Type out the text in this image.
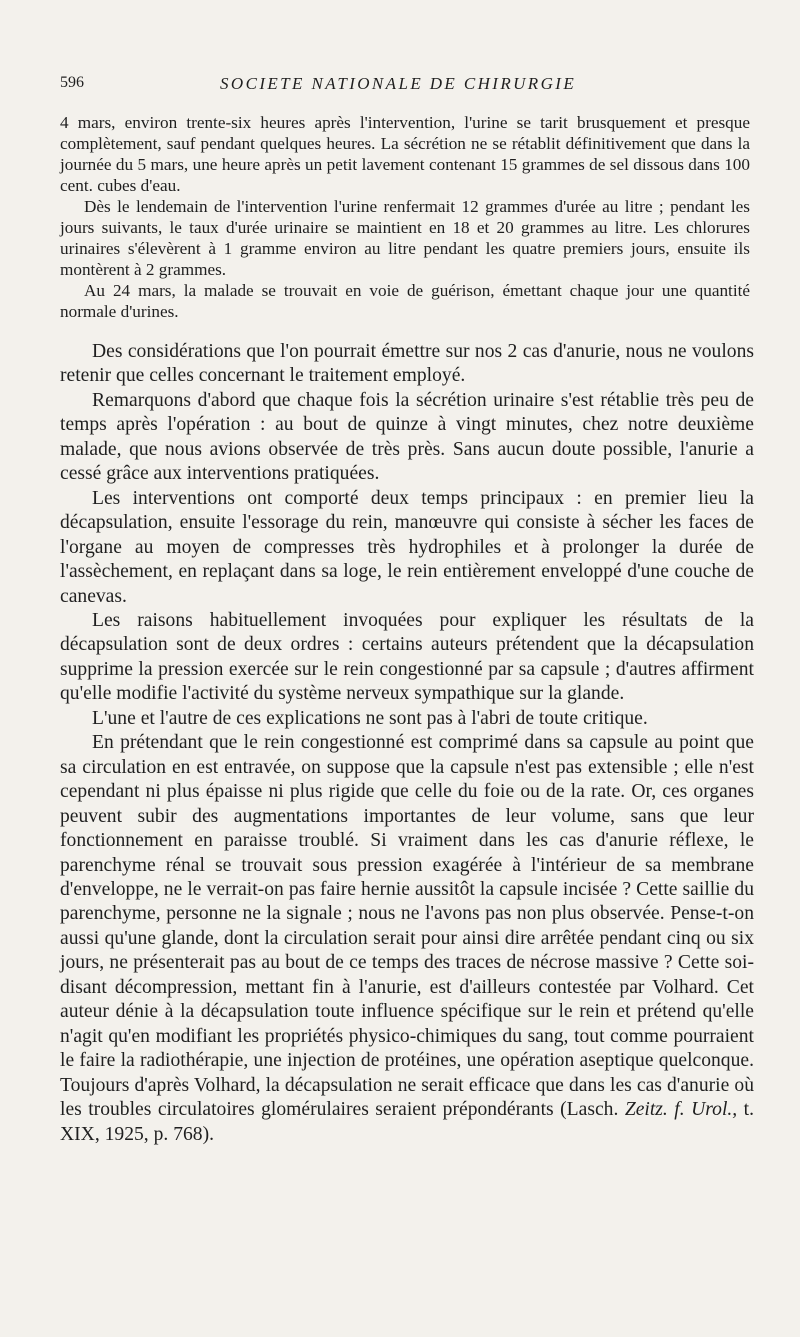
596	SOCIETE NATIONALE DE CHIRURGIE

4 mars, environ trente-six heures après l'intervention, l'urine se tarit brusquement et presque complètement, sauf pendant quelques heures. La sécrétion ne se rétablit définitivement que dans la journée du 5 mars, une heure après un petit lavement contenant 15 grammes de sel dissous dans 100 cent. cubes d'eau.

Dès le lendemain de l'intervention l'urine renfermait 12 grammes d'urée au litre ; pendant les jours suivants, le taux d'urée urinaire se maintient en 18 et 20 grammes au litre. Les chlorures urinaires s'élevèrent à 1 gramme environ au litre pendant les quatre premiers jours, ensuite ils montèrent à 2 grammes.

Au 24 mars, la malade se trouvait en voie de guérison, émettant chaque jour une quantité normale d'urines.

Des considérations que l'on pourrait émettre sur nos 2 cas d'anurie, nous ne voulons retenir que celles concernant le traitement employé.

Remarquons d'abord que chaque fois la sécrétion urinaire s'est rétablie très peu de temps après l'opération : au bout de quinze à vingt minutes, chez notre deuxième malade, que nous avions observée de très près. Sans aucun doute possible, l'anurie a cessé grâce aux interventions pratiquées.

Les interventions ont comporté deux temps principaux : en premier lieu la décapsulation, ensuite l'essorage du rein, manœuvre qui consiste à sécher les faces de l'organe au moyen de compresses très hydrophiles et à prolonger la durée de l'assèchement, en replaçant dans sa loge, le rein entièrement enveloppé d'une couche de canevas.

Les raisons habituellement invoquées pour expliquer les résultats de la décapsulation sont de deux ordres : certains auteurs prétendent que la décapsulation supprime la pression exercée sur le rein congestionné par sa capsule ; d'autres affirment qu'elle modifie l'activité du système nerveux sympathique sur la glande.

L'une et l'autre de ces explications ne sont pas à l'abri de toute critique.

En prétendant que le rein congestionné est comprimé dans sa capsule au point que sa circulation en est entravée, on suppose que la capsule n'est pas extensible ; elle n'est cependant ni plus épaisse ni plus rigide que celle du foie ou de la rate. Or, ces organes peuvent subir des augmentations importantes de leur volume, sans que leur fonctionnement en paraisse troublé. Si vraiment dans les cas d'anurie réflexe, le parenchyme rénal se trouvait sous pression exagérée à l'intérieur de sa membrane d'enveloppe, ne le verrait-on pas faire hernie aussitôt la capsule incisée ? Cette saillie du parenchyme, personne ne la signale ; nous ne l'avons pas non plus observée. Pense-t-on aussi qu'une glande, dont la circulation serait pour ainsi dire arrêtée pendant cinq ou six jours, ne présenterait pas au bout de ce temps des traces de nécrose massive ? Cette soi-disant décompression, mettant fin à l'anurie, est d'ailleurs contestée par Volhard. Cet auteur dénie à la décapsulation toute influence spécifique sur le rein et prétend qu'elle n'agit qu'en modifiant les propriétés physico-chimiques du sang, tout comme pourraient le faire la radiothérapie, une injection de protéines, une opération aseptique quelconque. Toujours d'après Volhard, la décapsulation ne serait efficace que dans les cas d'anurie où les troubles circulatoires glomérulaires seraient prépondérants (Lasch. Zeitz. f. Urol., t. XIX, 1925, p. 768).
